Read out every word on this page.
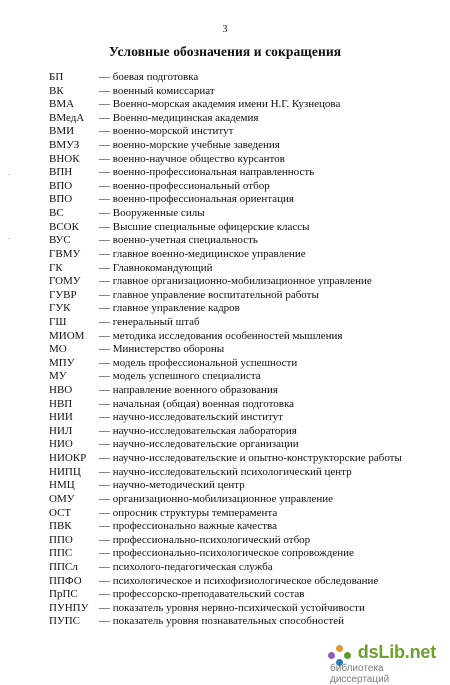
3
Условные обозначения и сокращения
.
.
БП	— боевая подготовка
ВК	— военный комиссариат
ВМА — Военно-морская академия имени Н.Г. Кузнецова
ВМедА — Военно-медицинская академия
ВМИ — военно-морской институт
ВМУЗ — военно-морские учебные заведения
ВНОК — военно-научное общество курсантов
ВПН — военно-профессиональная направленность
ВПО — военно-профессиональный отбор
ВПО — военно-профессиональная ориентация
ВС	— Вооруженные силы
ВСОК — Высшие специальные офицерские классы
ВУС	— военно-учетная специальность
ГВМУ — главное военно-медицинское управление
ГК	— Главнокомандующий
ГОМУ — главное организационно-мобилизационное управление
ГУВР — главное управление воспитательной работы
ГУК	— главное управление кадров
ГШ	— генеральный штаб
МИОМ — методика исследования особенностей мышления
МО	— Министерство обороны
МПУ — модель профессиональной успешности
МУ	— модель успешного специалиста
НВО — направление военного образования
НВП — начальная (общая) военная подготовка
НИИ — научно-исследовательский институт
НИЛ — научно-исследовательская лаборатория
НИО — научно-исследовательские организации
НИОКР — научно-исследовательские и опытно-конструкторские работы
НИПЦ — научно-исследовательский психологический центр
НМЦ — научно-методический центр
ОМУ — организационно-мобилизационное управление
ОСТ	— опросник структуры темперамента
ПВК — профессионально важные качества
ППО — профессионально-психологический отбор
ППС — профессионально-психологическое сопровождение
ППСл — психолого-педагогическая служба
ППФО — психологическое и психофизиологическое обследование
ПрПС — профессорско-преподавательский состав
ПУНПУ — показатель уровня нервно-психической устойчивости
ПУПС — показатель уровня познавательных способностей
dsLib.net
библиотека диссертаций
